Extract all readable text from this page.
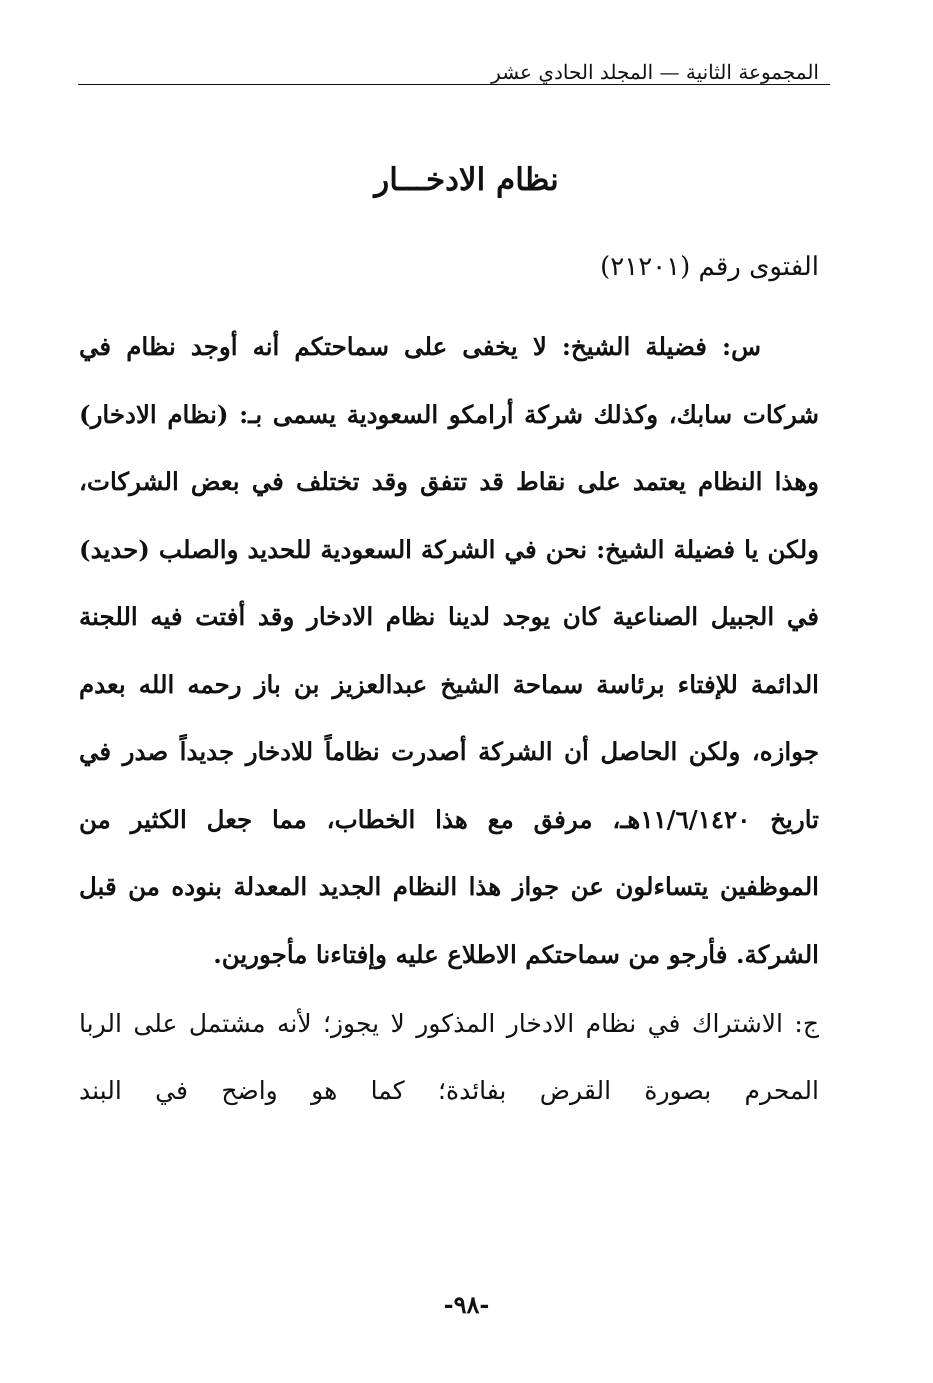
المجموعة الثانية — المجلد الحادي عشر
نظام الادخـــار
الفتوى رقم (٢١٢٠١)

س: فضيلة الشيخ: لا يخفى على سماحتكم أنه أوجد نظام في شركات سابك، وكذلك شركة أرامكو السعودية يسمى بـ: (نظام الادخار) وهذا النظام يعتمد على نقاط قد تتفق وقد تختلف في بعض الشركات، ولكن يا فضيلة الشيخ: نحن في الشركة السعودية للحديد والصلب (حديد) في الجبيل الصناعية كان يوجد لدينا نظام الادخار وقد أفتت فيه اللجنة الدائمة للإفتاء برئاسة سماحة الشيخ عبدالعزيز بن باز رحمه الله بعدم جوازه، ولكن الحاصل أن الشركة أصدرت نظاماً للادخار جديداً صدر في تاريخ ١١/٦/١٤٢٠هـ، مرفق مع هذا الخطاب، مما جعل الكثير من الموظفين يتساءلون عن جواز هذا النظام الجديد المعدلة بنوده من قبل الشركة. فأرجو من سماحتكم الاطلاع عليه وإفتاءنا مأجورين.

ج: الاشتراك في نظام الادخار المذكور لا يجوز؛ لأنه مشتمل على الربا المحرم بصورة القرض بفائدة؛ كما هو واضح في البند

-٩٨-
